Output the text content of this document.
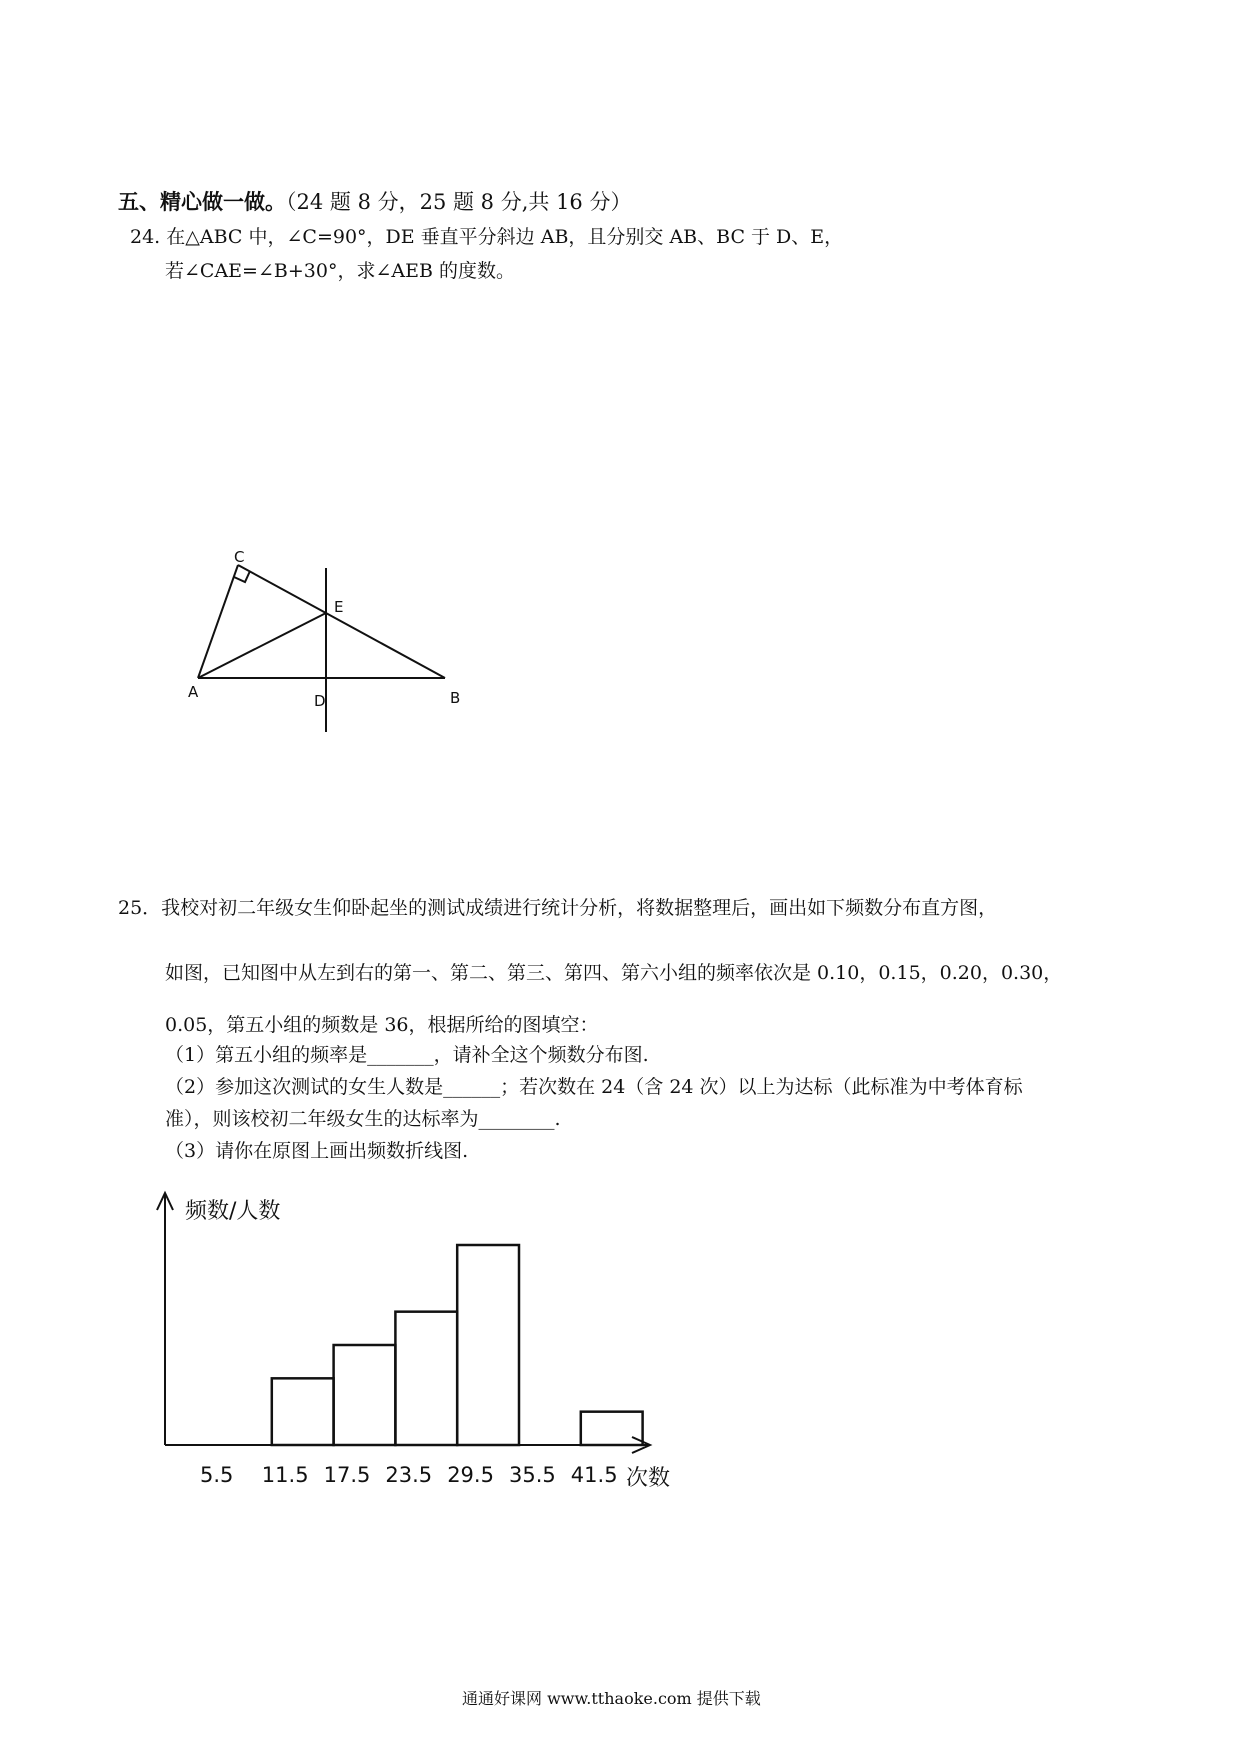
五、精心做一做。（24 题 8 分，25 题 8 分,共 16 分）
24. 在△ABC 中，∠C=90°，DE 垂直平分斜边 AB，且分别交 AB、BC 于 D、E，
若∠CAE=∠B+30°，求∠AEB 的度数。
C
E
A	D	B
25．我校对初二年级女生仰卧起坐的测试成绩进行统计分析，将数据整理后，画出如下频数分布直方图，
如图，已知图中从左到右的第一、第二、第三、第四、第六小组的频率依次是 0.10，0.15，0.20，0.30，
0.05，第五小组的频数是 36，根据所给的图填空：
（1）第五小组的频率是_______，请补全这个频数分布图.
（2）参加这次测试的女生人数是______；若次数在 24（含 24 次）以上为达标（此标准为中考体育标
准），则该校初二年级女生的达标率为________.
（3）请你在原图上画出频数折线图.
5.5 11.5 17.5 23.5 29.5 35.5 41.5
频数/人数
次数
通通好课网 www.tthaoke.com 提供下载
